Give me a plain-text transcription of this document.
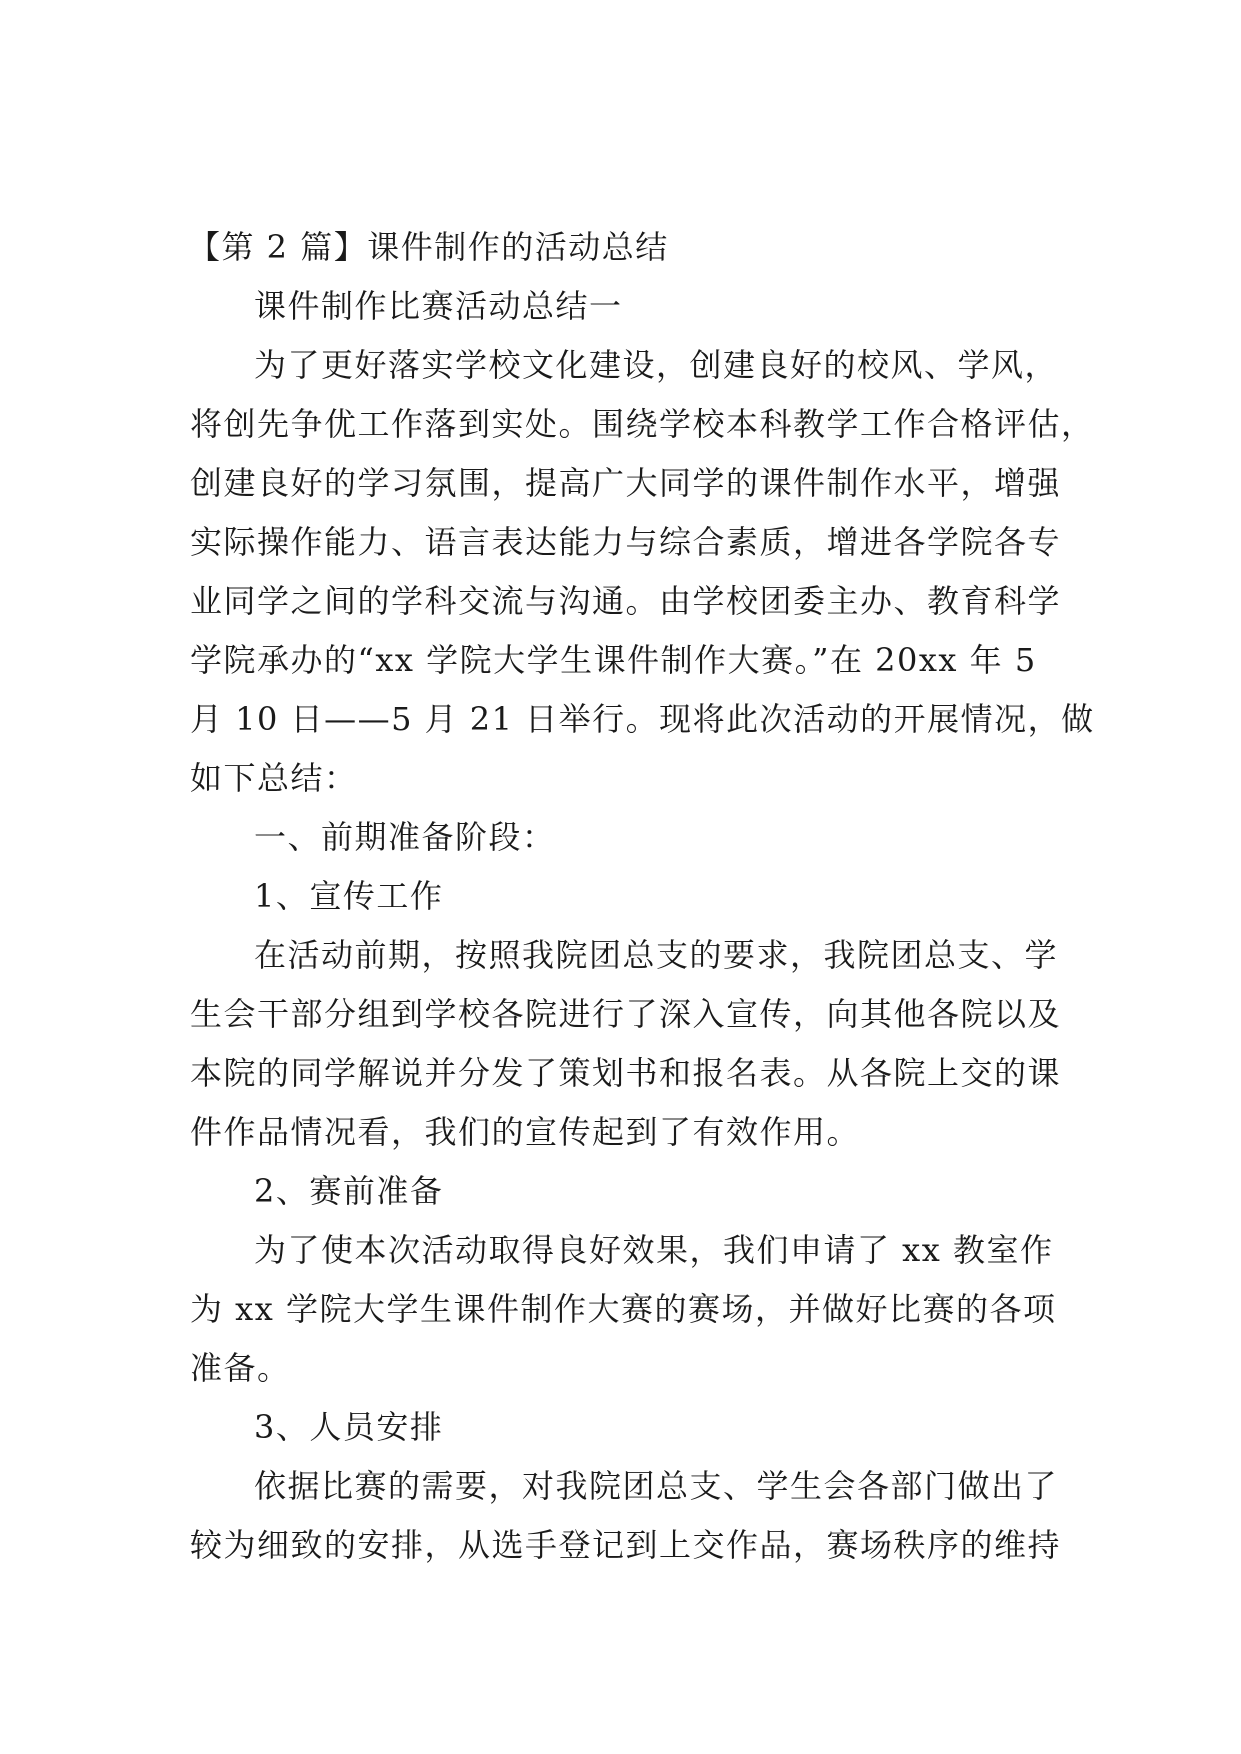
【第 2 篇】课件制作的活动总结
课件制作比赛活动总结一
为了更好落实学校文化建设，创建良好的校风、学风，
将创先争优工作落到实处。围绕学校本科教学工作合格评估，
创建良好的学习氛围，提高广大同学的课件制作水平，增强
实际操作能力、语言表达能力与综合素质，增进各学院各专
业同学之间的学科交流与沟通。由学校团委主办、教育科学
学院承办的“xx 学院大学生课件制作大赛。”在 20xx 年 5
月 10 日——5 月 21 日举行。现将此次活动的开展情况，做
如下总结：
一、前期准备阶段：
1、宣传工作
在活动前期，按照我院团总支的要求，我院团总支、学
生会干部分组到学校各院进行了深入宣传，向其他各院以及
本院的同学解说并分发了策划书和报名表。从各院上交的课
件作品情况看，我们的宣传起到了有效作用。
2、赛前准备
为了使本次活动取得良好效果，我们申请了 xx 教室作
为 xx 学院大学生课件制作大赛的赛场，并做好比赛的各项
准备。
3、人员安排
依据比赛的需要，对我院团总支、学生会各部门做出了
较为细致的安排，从选手登记到上交作品，赛场秩序的维持
